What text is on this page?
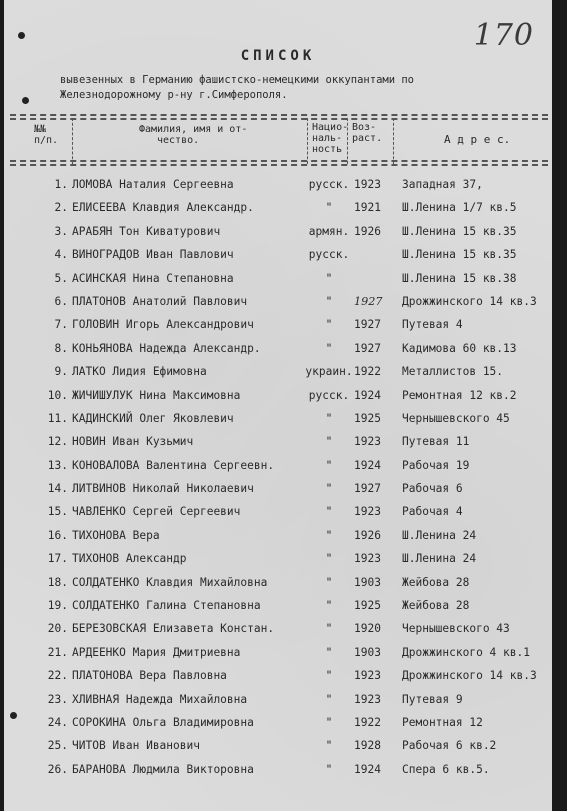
170
СПИСОК
вывезенных в Германию фашистско-немецкими оккупантами по
Железнодорожному р-ну г.Симферополя.
№№
п/п.
Фамилия, имя и от-
чество.
Нацио-
наль-
ность
Воз-
раст.	А д р е с.
1. ЛОМОВА Наталия Сергеевна	русск. 1923 Западная 37,
2. ЕЛИСЕЕВА Клавдия Александр.	"	1921 Ш.Ленина 1/7 кв.5
3. АРАБЯН Тон Киватурович	армян. 1926 Ш.Ленина 15 кв.35
4. ВИНОГРАДОВ Иван Павлович	русск.	Ш.Ленина 15 кв.35
5. АСИНСКАЯ Нина Степановна	"	Ш.Ленина 15 кв.38
6. ПЛАТОНОВ Анатолий Павлович	"	1927 Дрожжинского 14 кв.3
7. ГОЛОВИН Игорь Александрович	"	1927 Путевая 4
8. КОНЬЯНОВА Надежда Александр.	"	1927 Кадимова 60 кв.13
9. ЛАТКО Лидия Ефимовна	украин. 1922 Металлистов 15.
10. ЖИЧИШУЛУК Нина Максимовна	русск. 1924 Ремонтная 12 кв.2
11. КАДИНСКИЙ Олег Яковлевич	"	1925 Чернышевского 45
12. НОВИН Иван Кузьмич	"	1923 Путевая 11
13. КОНОВАЛОВА Валентина Сергеевн.	"	1924 Рабочая 19
14. ЛИТВИНОВ Николай Николаевич	"	1927 Рабочая 6
15. ЧАВЛЕНКО Сергей Сергеевич	"	1923 Рабочая 4
16. ТИХОНОВА Вера	"	1926 Ш.Ленина 24
17. ТИХОНОВ Александр	"	1923 Ш.Ленина 24
18. СОЛДАТЕНКО Клавдия Михайловна	"	1903 Жейбова 28
19. СОЛДАТЕНКО Галина Степановна	"	1925 Жейбова 28
20. БЕРЕЗОВСКАЯ Елизавета Констан.	"	1920 Чернышевского 43
21. АРДЕЕНКО Мария Дмитриевна	"	1903 Дрожжинского 4 кв.1
22. ПЛАТОНОВА Вера Павловна	"	1923 Дрожжинского 14 кв.3
23. ХЛИВНАЯ Надежда Михайловна	"	1923 Путевая 9
24. СОРОКИНА Ольга Владимировна	"	1922 Ремонтная 12
25. ЧИТОВ Иван Иванович	"	1928 Рабочая 6 кв.2
26. БАРАНОВА Людмила Викторовна	"	1924 Спера 6 кв.5.
